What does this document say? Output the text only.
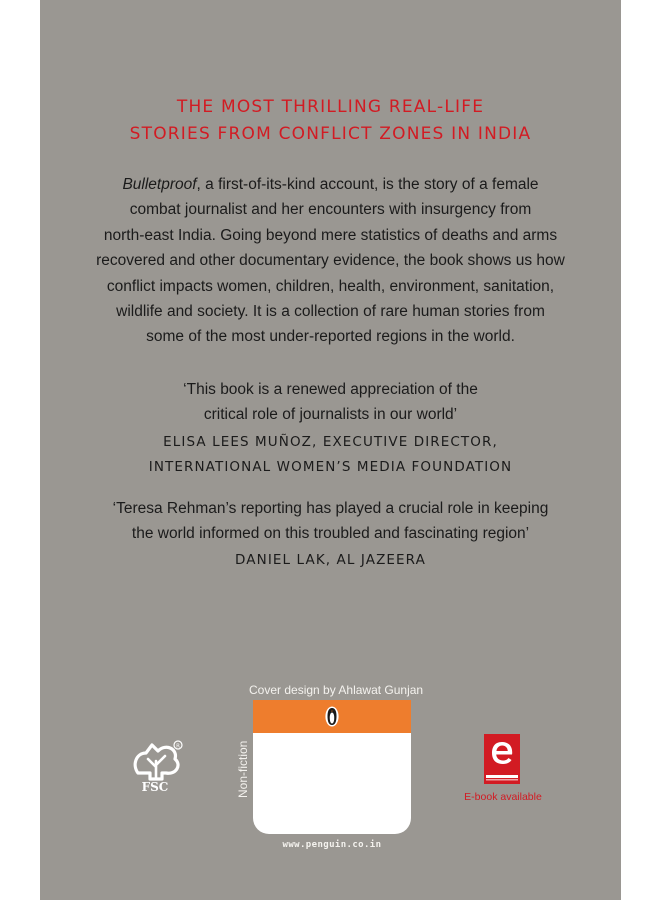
THE MOST THRILLING REAL-LIFE
STORIES FROM CONFLICT ZONES IN INDIA

Bulletproof, a first-of-its-kind account, is the story of a female

combat journalist and her encounters with insurgency from

north-east India. Going beyond mere statistics of deaths and arms

recovered and other documentary evidence, the book shows us how

conflict impacts women, children, health, environment, sanitation,

wildlife and society. It is a collection of rare human stories from

some of the most under-reported regions in the world.

‘This book is a renewed appreciation of the

critical role of journalists in our world’

ELISA LEES MUÑOZ, EXECUTIVE DIRECTOR,

INTERNATIONAL WOMEN’S MEDIA FOUNDATION

‘Teresa Rehman’s reporting has played a crucial role in keeping

the world informed on this troubled and fascinating region’

DANIEL LAK, AL JAZEERA

R
FSC
Cover design by Ahlawat Gunjan
Non-fiction
www.penguin.co.in
E-book available
